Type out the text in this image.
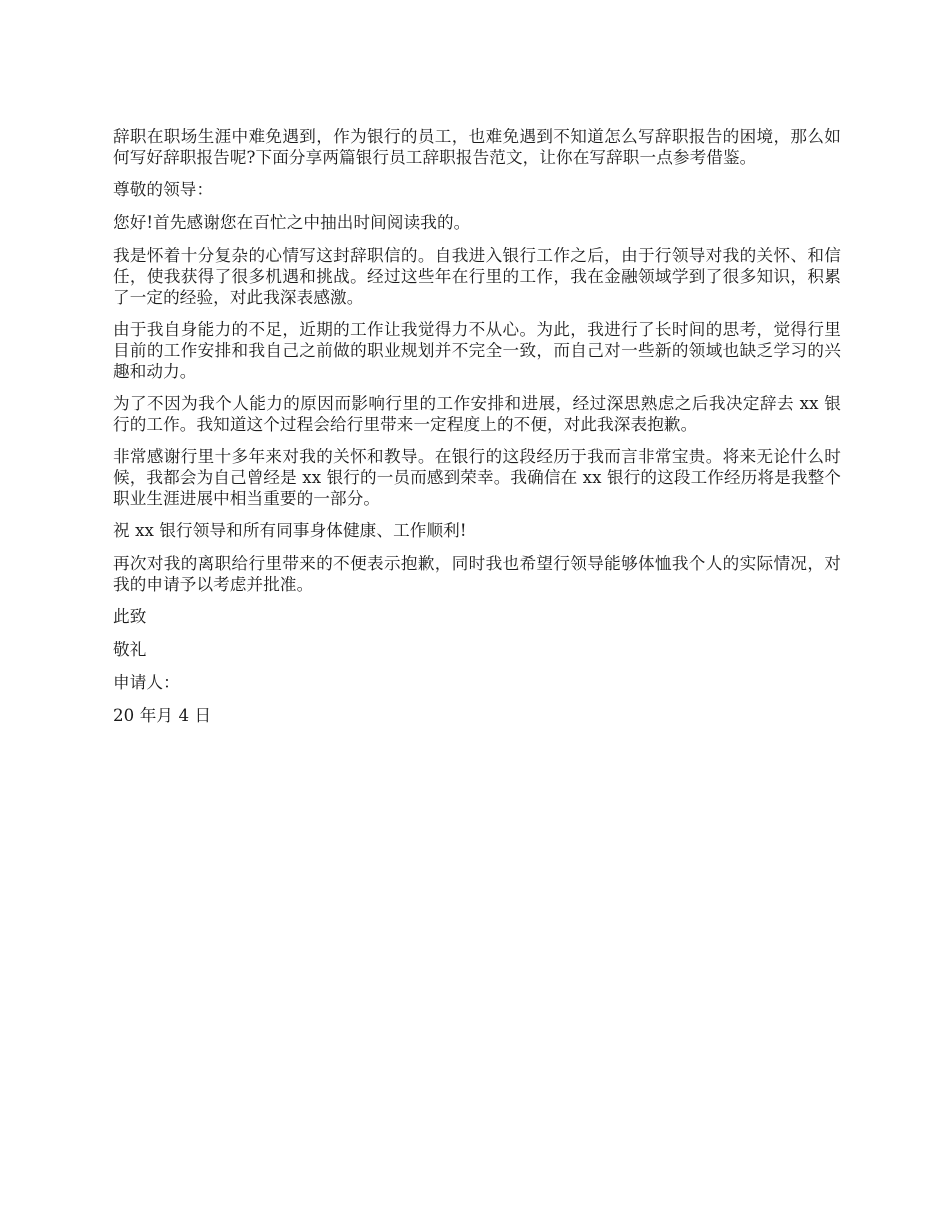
辞职在职场生涯中难免遇到，作为银行的员工，也难免遇到不知道怎么写辞职报告的困境，那么如何写好辞职报告呢?下面分享两篇银行员工辞职报告范文，让你在写辞职一点参考借鉴。

尊敬的领导：

您好!首先感谢您在百忙之中抽出时间阅读我的。

我是怀着十分复杂的心情写这封辞职信的。自我进入银行工作之后，由于行领导对我的关怀、和信任，使我获得了很多机遇和挑战。经过这些年在行里的工作，我在金融领域学到了很多知识，积累了一定的经验，对此我深表感激。

由于我自身能力的不足，近期的工作让我觉得力不从心。为此，我进行了长时间的思考，觉得行里目前的工作安排和我自己之前做的职业规划并不完全一致，而自己对一些新的领域也缺乏学习的兴趣和动力。

为了不因为我个人能力的原因而影响行里的工作安排和进展，经过深思熟虑之后我决定辞去 xx 银行的工作。我知道这个过程会给行里带来一定程度上的不便，对此我深表抱歉。

非常感谢行里十多年来对我的关怀和教导。在银行的这段经历于我而言非常宝贵。将来无论什么时候，我都会为自己曾经是 xx 银行的一员而感到荣幸。我确信在 xx 银行的这段工作经历将是我整个职业生涯进展中相当重要的一部分。

祝 xx 银行领导和所有同事身体健康、工作顺利!

再次对我的离职给行里带来的不便表示抱歉，同时我也希望行领导能够体恤我个人的实际情况，对我的申请予以考虑并批准。

此致

敬礼

申请人：

20 年月 4 日
